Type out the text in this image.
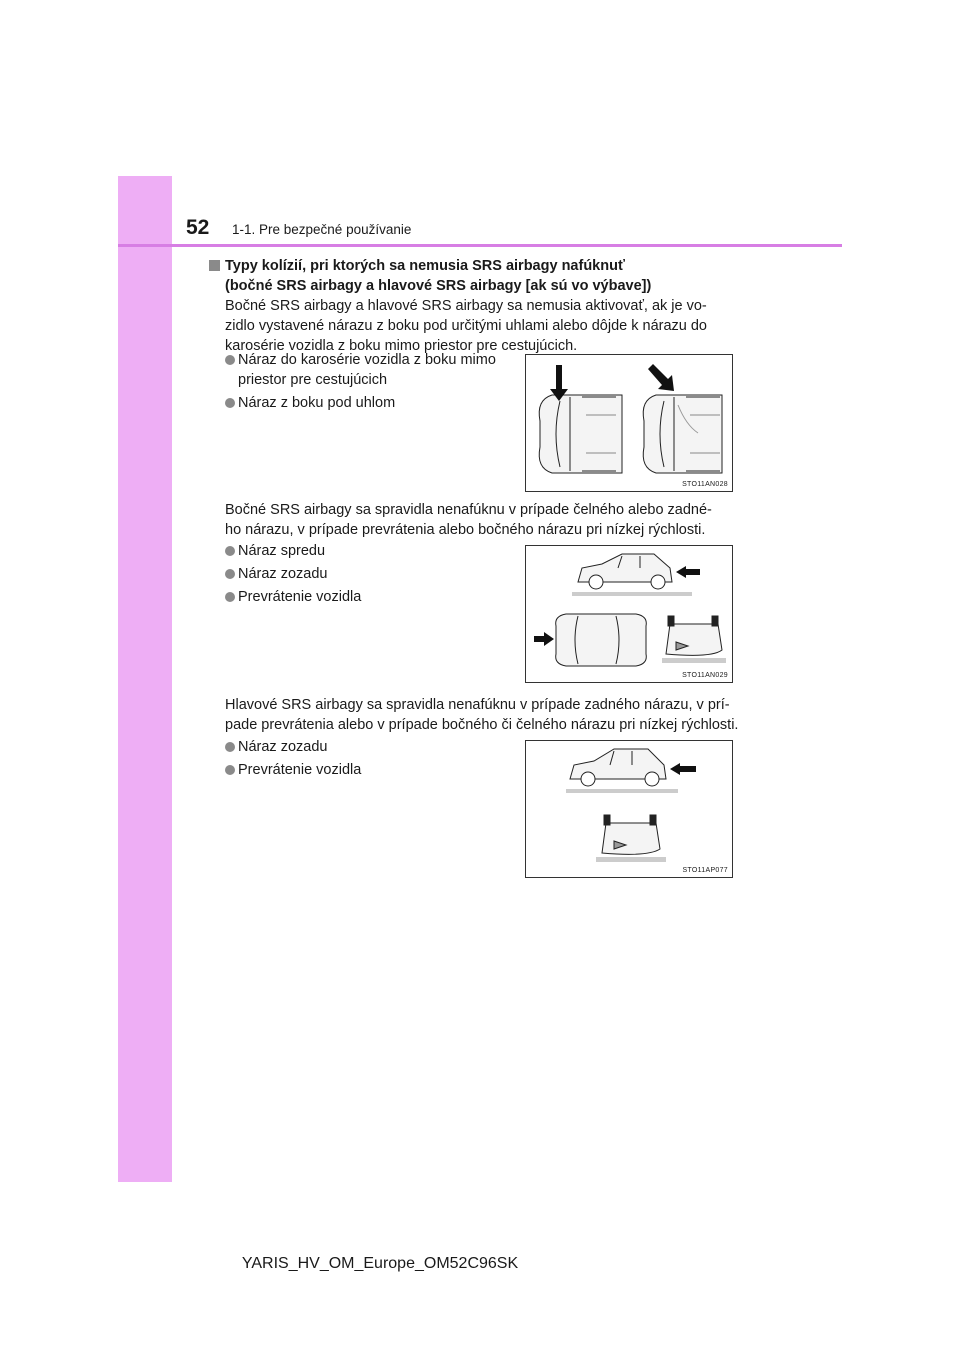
52 1-1. Pre bezpečné používanie
Typy kolízií, pri ktorých sa nemusia SRS airbagy nafúknuť
(bočné SRS airbagy a hlavové SRS airbagy [ak sú vo výbave])
Bočné SRS airbagy a hlavové SRS airbagy sa nemusia aktivovať, ak je vo-
zidlo vystavené nárazu z boku pod určitými uhlami alebo dôjde k nárazu do
karosérie vozidla z boku mimo priestor pre cestujúcich.
Náraz do karosérie vozidla z boku mimo
priestor pre cestujúcich
Náraz z boku pod uhlom
STO11AN028
Bočné SRS airbagy sa spravidla nenafúknu v prípade čelného alebo zadné-
ho nárazu, v prípade prevrátenia alebo bočného nárazu pri nízkej rýchlosti.
Náraz spredu
Náraz zozadu
Prevrátenie vozidla
STO11AN029
Hlavové SRS airbagy sa spravidla nenafúknu v prípade zadného nárazu, v prí-
pade prevrátenia alebo v prípade bočného či čelného nárazu pri nízkej rýchlosti.
Náraz zozadu
Prevrátenie vozidla
STO11AP077
YARIS_HV_OM_Europe_OM52C96SK
